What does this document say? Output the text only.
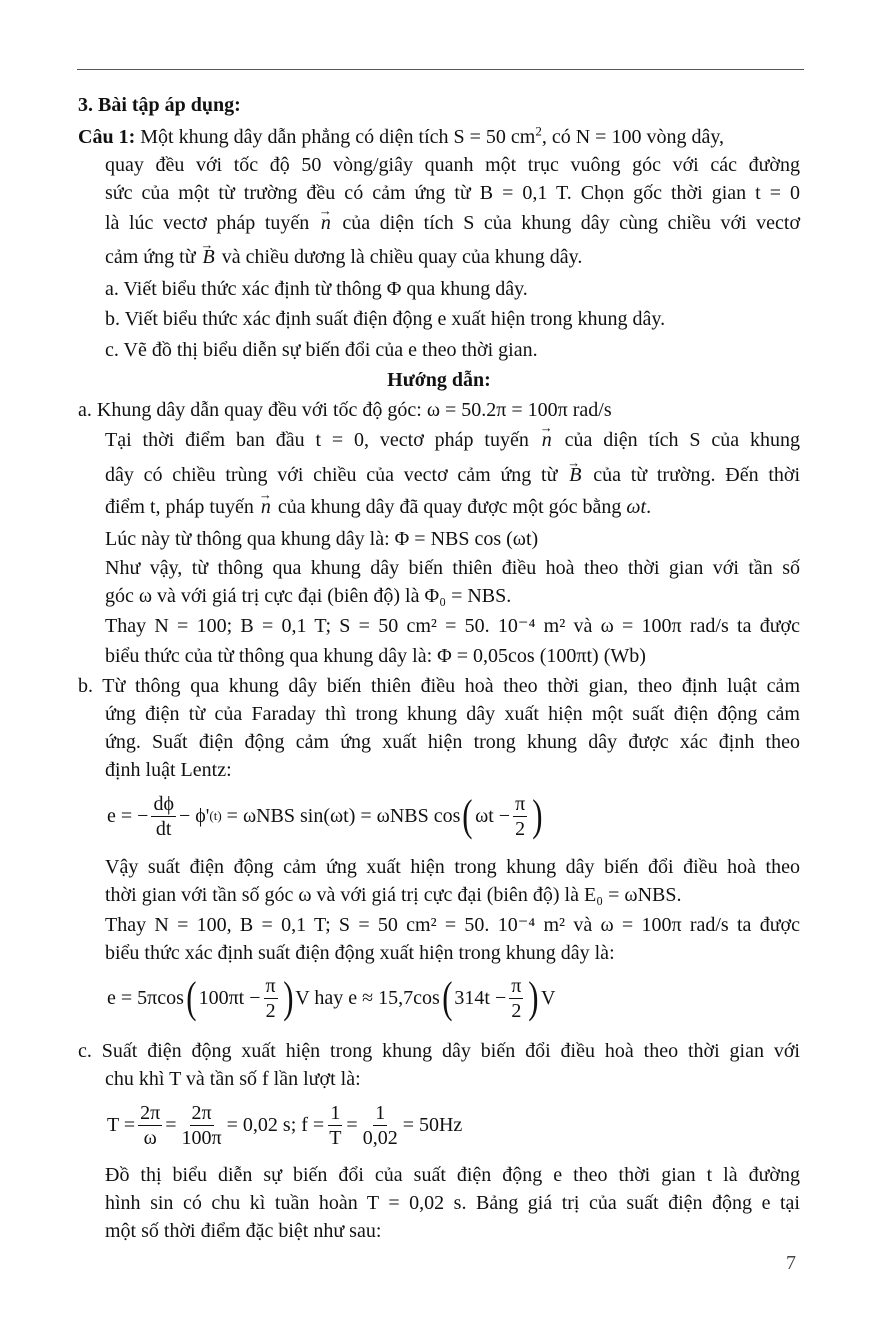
3. Bài tập áp dụng:
Câu 1: Một khung dây dẫn phẳng có diện tích S = 50 $cm^2$, có N = 100 vòng dây,
quay đều với tốc độ 50 vòng/giây quanh một trục vuông góc với các đường
sức của một từ trường đều có cảm ứng từ B = 0,1 T. Chọn gốc thời gian t = 0
là lúc vectơ pháp tuyến → n của diện tích S của khung dây cùng chiều với vectơ
cảm ứng từ → B và chiều dương là chiều quay của khung dây.
a. Viết biểu thức xác định từ thông Φ qua khung dây.
b. Viết biểu thức xác định suất điện động e xuất hiện trong khung dây.
c. Vẽ đồ thị biểu diễn sự biến đổi của e theo thời gian.
Hướng dẫn:
a. Khung dây dẫn quay đều với tốc độ góc: ω = 50.2π = 100π rad/s
Tại thời điểm ban đầu t = 0, vectơ pháp tuyến → n của diện tích S của khung
dây có chiều trùng với chiều của vectơ cảm ứng từ → B của từ trường. Đến thời
điểm t, pháp tuyến → n của khung dây đã quay được một góc bằng ωt.
Lúc này từ thông qua khung dây là: Φ = NBS cos (ωt)
Như vậy, từ thông qua khung dây biến thiên điều hoà theo thời gian với tần số
góc ω và với giá trị cực đại (biên độ) là Φ₀ = NBS.
Thay N = 100; B = 0,1 T; S = 50 cm² = 50. 10⁻⁴ m² và ω = 100π rad/s ta được
biểu thức của từ thông qua khung dây là: Φ = 0,05cos (100πt) (Wb)
b. Từ thông qua khung dây biến thiên điều hoà theo thời gian, theo định luật cảm
ứng điện từ của Faraday thì trong khung dây xuất hiện một suất điện động cảm
ứng. Suất điện động cảm ứng xuất hiện trong khung dây được xác định theo
định luật Lentz:
e = − $\frac{d\phi}{dt} - \phi'$ (t)
= ωNBS sin(ωt) = ωNBS cos ( $\omega t - \frac{\pi}{2}$ )
Vậy suất điện động cảm ứng xuất hiện trong khung dây biến đổi điều hoà theo
thời gian với tần số góc ω và với giá trị cực đại (biên độ) là E₀ = ωNBS.
Thay N = 100, B = 0,1 T; S = 50 cm² = 50. 10⁻⁴ m² và ω = 100π rad/s ta được
biểu thức xác định suất điện động xuất hiện trong khung dây là:
e = 5πcos ( $100\pi t - \frac{\pi}{2}$ ) V hay e ≈ 15,7cos ( $314t - \frac{\pi}{2}$ ) V
c. Suất điện động xuất hiện trong khung dây biến đổi điều hoà theo thời gian với
chu khì T và tần số f lần lượt là:
$T = \frac{2\pi}{\omega} = \frac{2\pi}{100\pi} = 0,02$ s; $f = \frac{1}{T} = \frac{1}{0,02} = 50Hz$
Đồ thị biểu diễn sự biến đổi của suất điện động e theo thời gian t là đường
hình sin có chu kì tuần hoàn T = 0,02 s. Bảng giá trị của suất điện động e tại
một số thời điểm đặc biệt như sau:
7
